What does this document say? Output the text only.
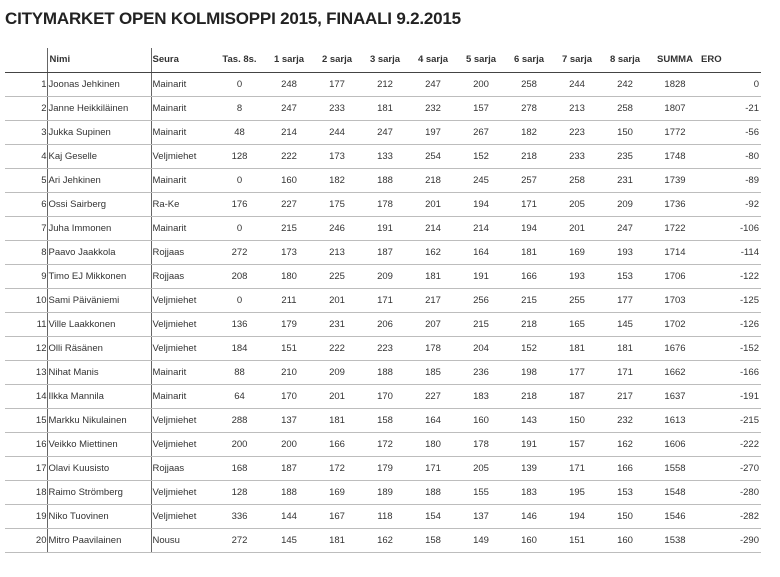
CITYMARKET OPEN KOLMISOPPI 2015, FINAALI 9.2.2015
	Nimi	Seura	Tas. 8s.	1 sarja	2 sarja	3 sarja	4 sarja	5 sarja	6 sarja	7 sarja	8 sarja	SUMMA	ERO
1	Joonas Jehkinen	Mainarit	0	248	177	212	247	200	258	244	242	1828	0
2	Janne Heikkiläinen	Mainarit	8	247	233	181	232	157	278	213	258	1807	-21
3	Jukka Supinen	Mainarit	48	214	244	247	197	267	182	223	150	1772	-56
4	Kaj Geselle	Veljmiehet	128	222	173	133	254	152	218	233	235	1748	-80
5	Ari Jehkinen	Mainarit	0	160	182	188	218	245	257	258	231	1739	-89
6	Ossi Sairberg	Ra-Ke	176	227	175	178	201	194	171	205	209	1736	-92
7	Juha Immonen	Mainarit	0	215	246	191	214	214	194	201	247	1722	-106
8	Paavo Jaakkola	Rojjaas	272	173	213	187	162	164	181	169	193	1714	-114
9	Timo EJ Mikkonen	Rojjaas	208	180	225	209	181	191	166	193	153	1706	-122
10	Sami Päiväniemi	Veljmiehet	0	211	201	171	217	256	215	255	177	1703	-125
11	Ville Laakkonen	Veljmiehet	136	179	231	206	207	215	218	165	145	1702	-126
12	Olli Räsänen	Veljmiehet	184	151	222	223	178	204	152	181	181	1676	-152
13	Nihat Manis	Mainarit	88	210	209	188	185	236	198	177	171	1662	-166
14	Ilkka Mannila	Mainarit	64	170	201	170	227	183	218	187	217	1637	-191
15	Markku Nikulainen	Veljmiehet	288	137	181	158	164	160	143	150	232	1613	-215
16	Veikko Miettinen	Veljmiehet	200	200	166	172	180	178	191	157	162	1606	-222
17	Olavi Kuusisto	Rojjaas	168	187	172	179	171	205	139	171	166	1558	-270
18	Raimo Strömberg	Veljmiehet	128	188	169	189	188	155	183	195	153	1548	-280
19	Niko Tuovinen	Veljmiehet	336	144	167	118	154	137	146	194	150	1546	-282
20	Mitro Paavilainen	Nousu	272	145	181	162	158	149	160	151	160	1538	-290
